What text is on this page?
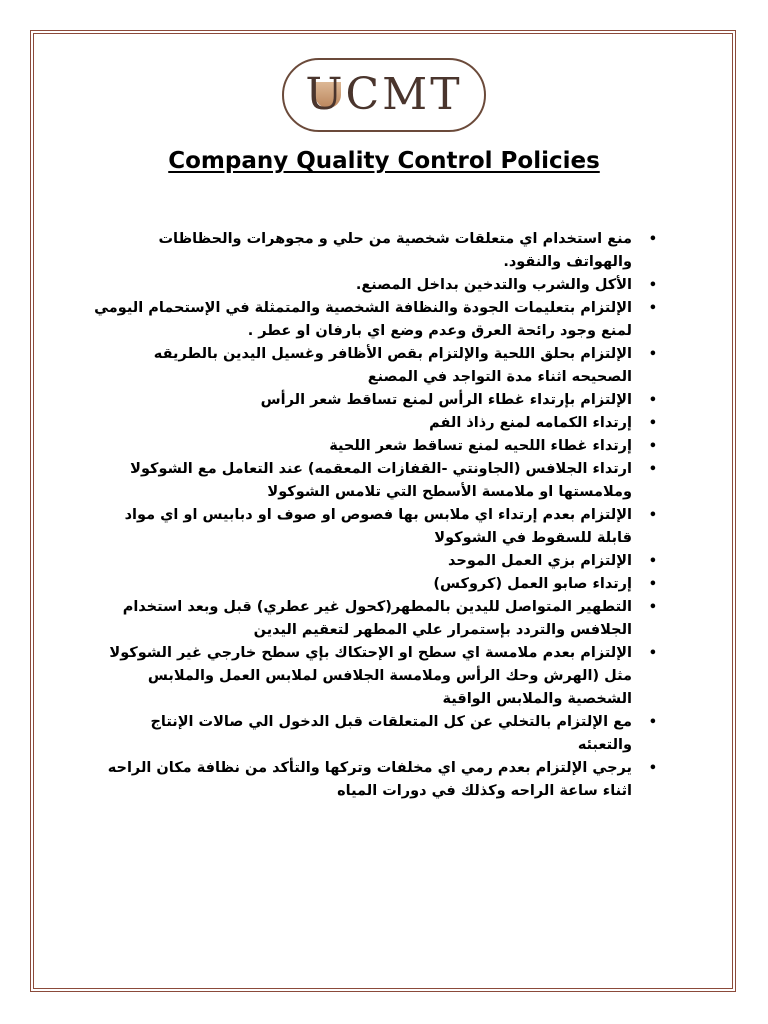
UCMT
Company Quality Control Policies
•
منع استخدام اي متعلقات شخصية من حلي و مجوهرات والحظاظات والهواتف والنقود.
•
الأكل والشرب والتدخين بداخل المصنع.
•
الإلتزام بتعليمات الجودة والنظافة الشخصية والمتمثلة في الإستحمام اليومي لمنع وجود رائحة العرق وعدم وضع اي بارفان او عطر .
•
الإلتزام بحلق اللحية والإلتزام بقص الأظافر وغسيل اليدين بالطريقه الصحيحه اثناء مدة التواجد في المصنع
•
الإلتزام بإرتداء غطاء الرأس لمنع تساقط شعر الرأس
•
إرتداء الكمامه لمنع رذاذ الفم
•
إرتداء غطاء اللحيه لمنع تساقط شعر اللحية
•
ارتداء الجلافس (الجاونتي -القفازات المعقمه) عند التعامل مع الشوكولا وملامستها او ملامسة الأسطح التي تلامس الشوكولا
•
الإلتزام بعدم إرتداء اي ملابس بها فصوص او صوف او دبابيس او اي مواد قابلة للسقوط في الشوكولا
•
الإلتزام بزي العمل الموحد
•
إرتداء صابو العمل (كروكس)
•
التطهير المتواصل لليدين بالمطهر(كحول غير عطري) قبل وبعد استخدام الجلافس والتردد بإستمرار علي المطهر لتعقيم اليدين
•
الإلتزام بعدم ملامسة اي سطح او الإحتكاك بإي سطح خارجي غير الشوكولا مثل (الهرش وحك الرأس وملامسة الجلافس لملابس العمل والملابس الشخصية والملابس الواقية
•
مع الإلتزام بالتخلي عن كل المتعلقات قبل الدخول الي صالات الإنتاج والتعبئه
•
يرجي الإلتزام بعدم رمي اي مخلفات وتركها والتأكد من نظافة مكان الراحه اثناء ساعة الراحه وكذلك في دورات المياه
